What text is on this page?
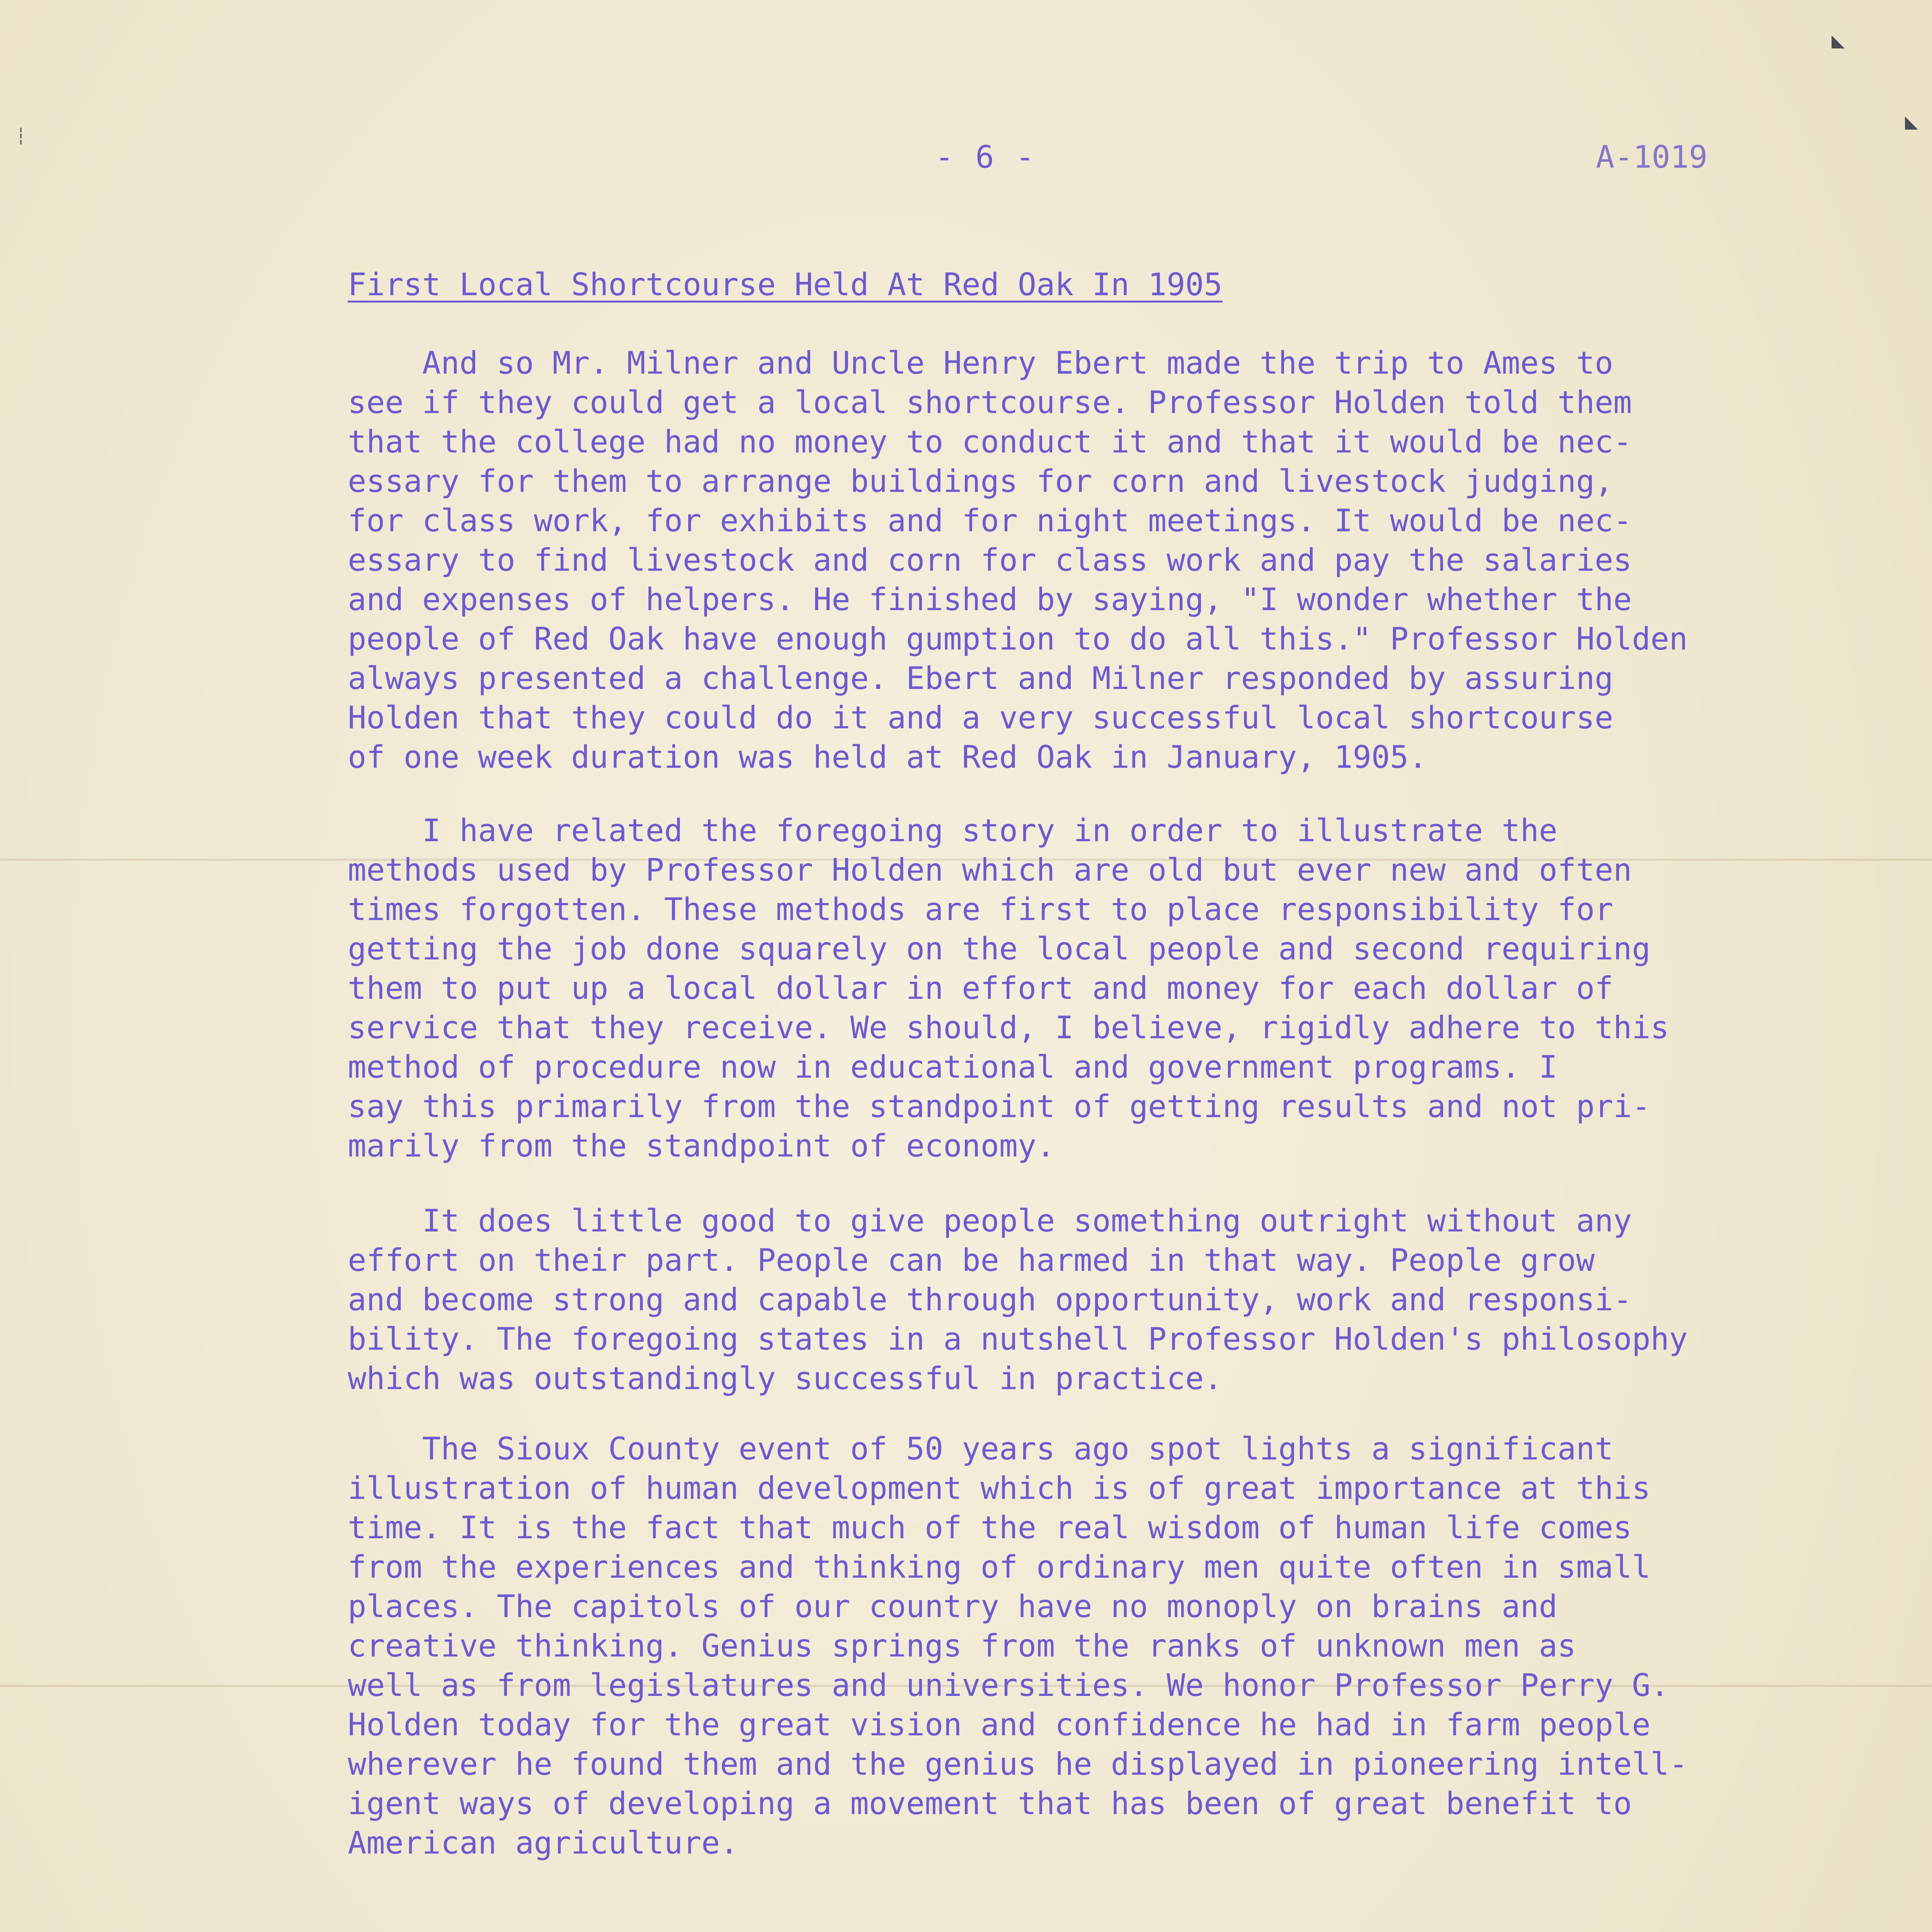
┆
◣
◣
- 6 -	A-1019
First Local Shortcourse Held At Red Oak In 1905
And so Mr. Milner and Uncle Henry Ebert made the trip to Ames to
see if they could get a local shortcourse. Professor Holden told them
that the college had no money to conduct it and that it would be nec-
essary for them to arrange buildings for corn and livestock judging,
for class work, for exhibits and for night meetings. It would be nec-
essary to find livestock and corn for class work and pay the salaries
and expenses of helpers. He finished by saying, "I wonder whether the
people of Red Oak have enough gumption to do all this." Professor Holden
always presented a challenge. Ebert and Milner responded by assuring
Holden that they could do it and a very successful local shortcourse
of one week duration was held at Red Oak in January, 1905.
I have related the foregoing story in order to illustrate the
methods used by Professor Holden which are old but ever new and often
times forgotten. These methods are first to place responsibility for
getting the job done squarely on the local people and second requiring
them to put up a local dollar in effort and money for each dollar of
service that they receive. We should, I believe, rigidly adhere to this
method of procedure now in educational and government programs. I
say this primarily from the standpoint of getting results and not pri-
marily from the standpoint of economy.
It does little good to give people something outright without any
effort on their part. People can be harmed in that way. People grow
and become strong and capable through opportunity, work and responsi-
bility. The foregoing states in a nutshell Professor Holden's philosophy
which was outstandingly successful in practice.
The Sioux County event of 50 years ago spot lights a significant
illustration of human development which is of great importance at this
time. It is the fact that much of the real wisdom of human life comes
from the experiences and thinking of ordinary men quite often in small
places. The capitols of our country have no monoply on brains and
creative thinking. Genius springs from the ranks of unknown men as
well as from legislatures and universities. We honor Professor Perry G.
Holden today for the great vision and confidence he had in farm people
wherever he found them and the genius he displayed in pioneering intell-
igent ways of developing a movement that has been of great benefit to
American agriculture.
